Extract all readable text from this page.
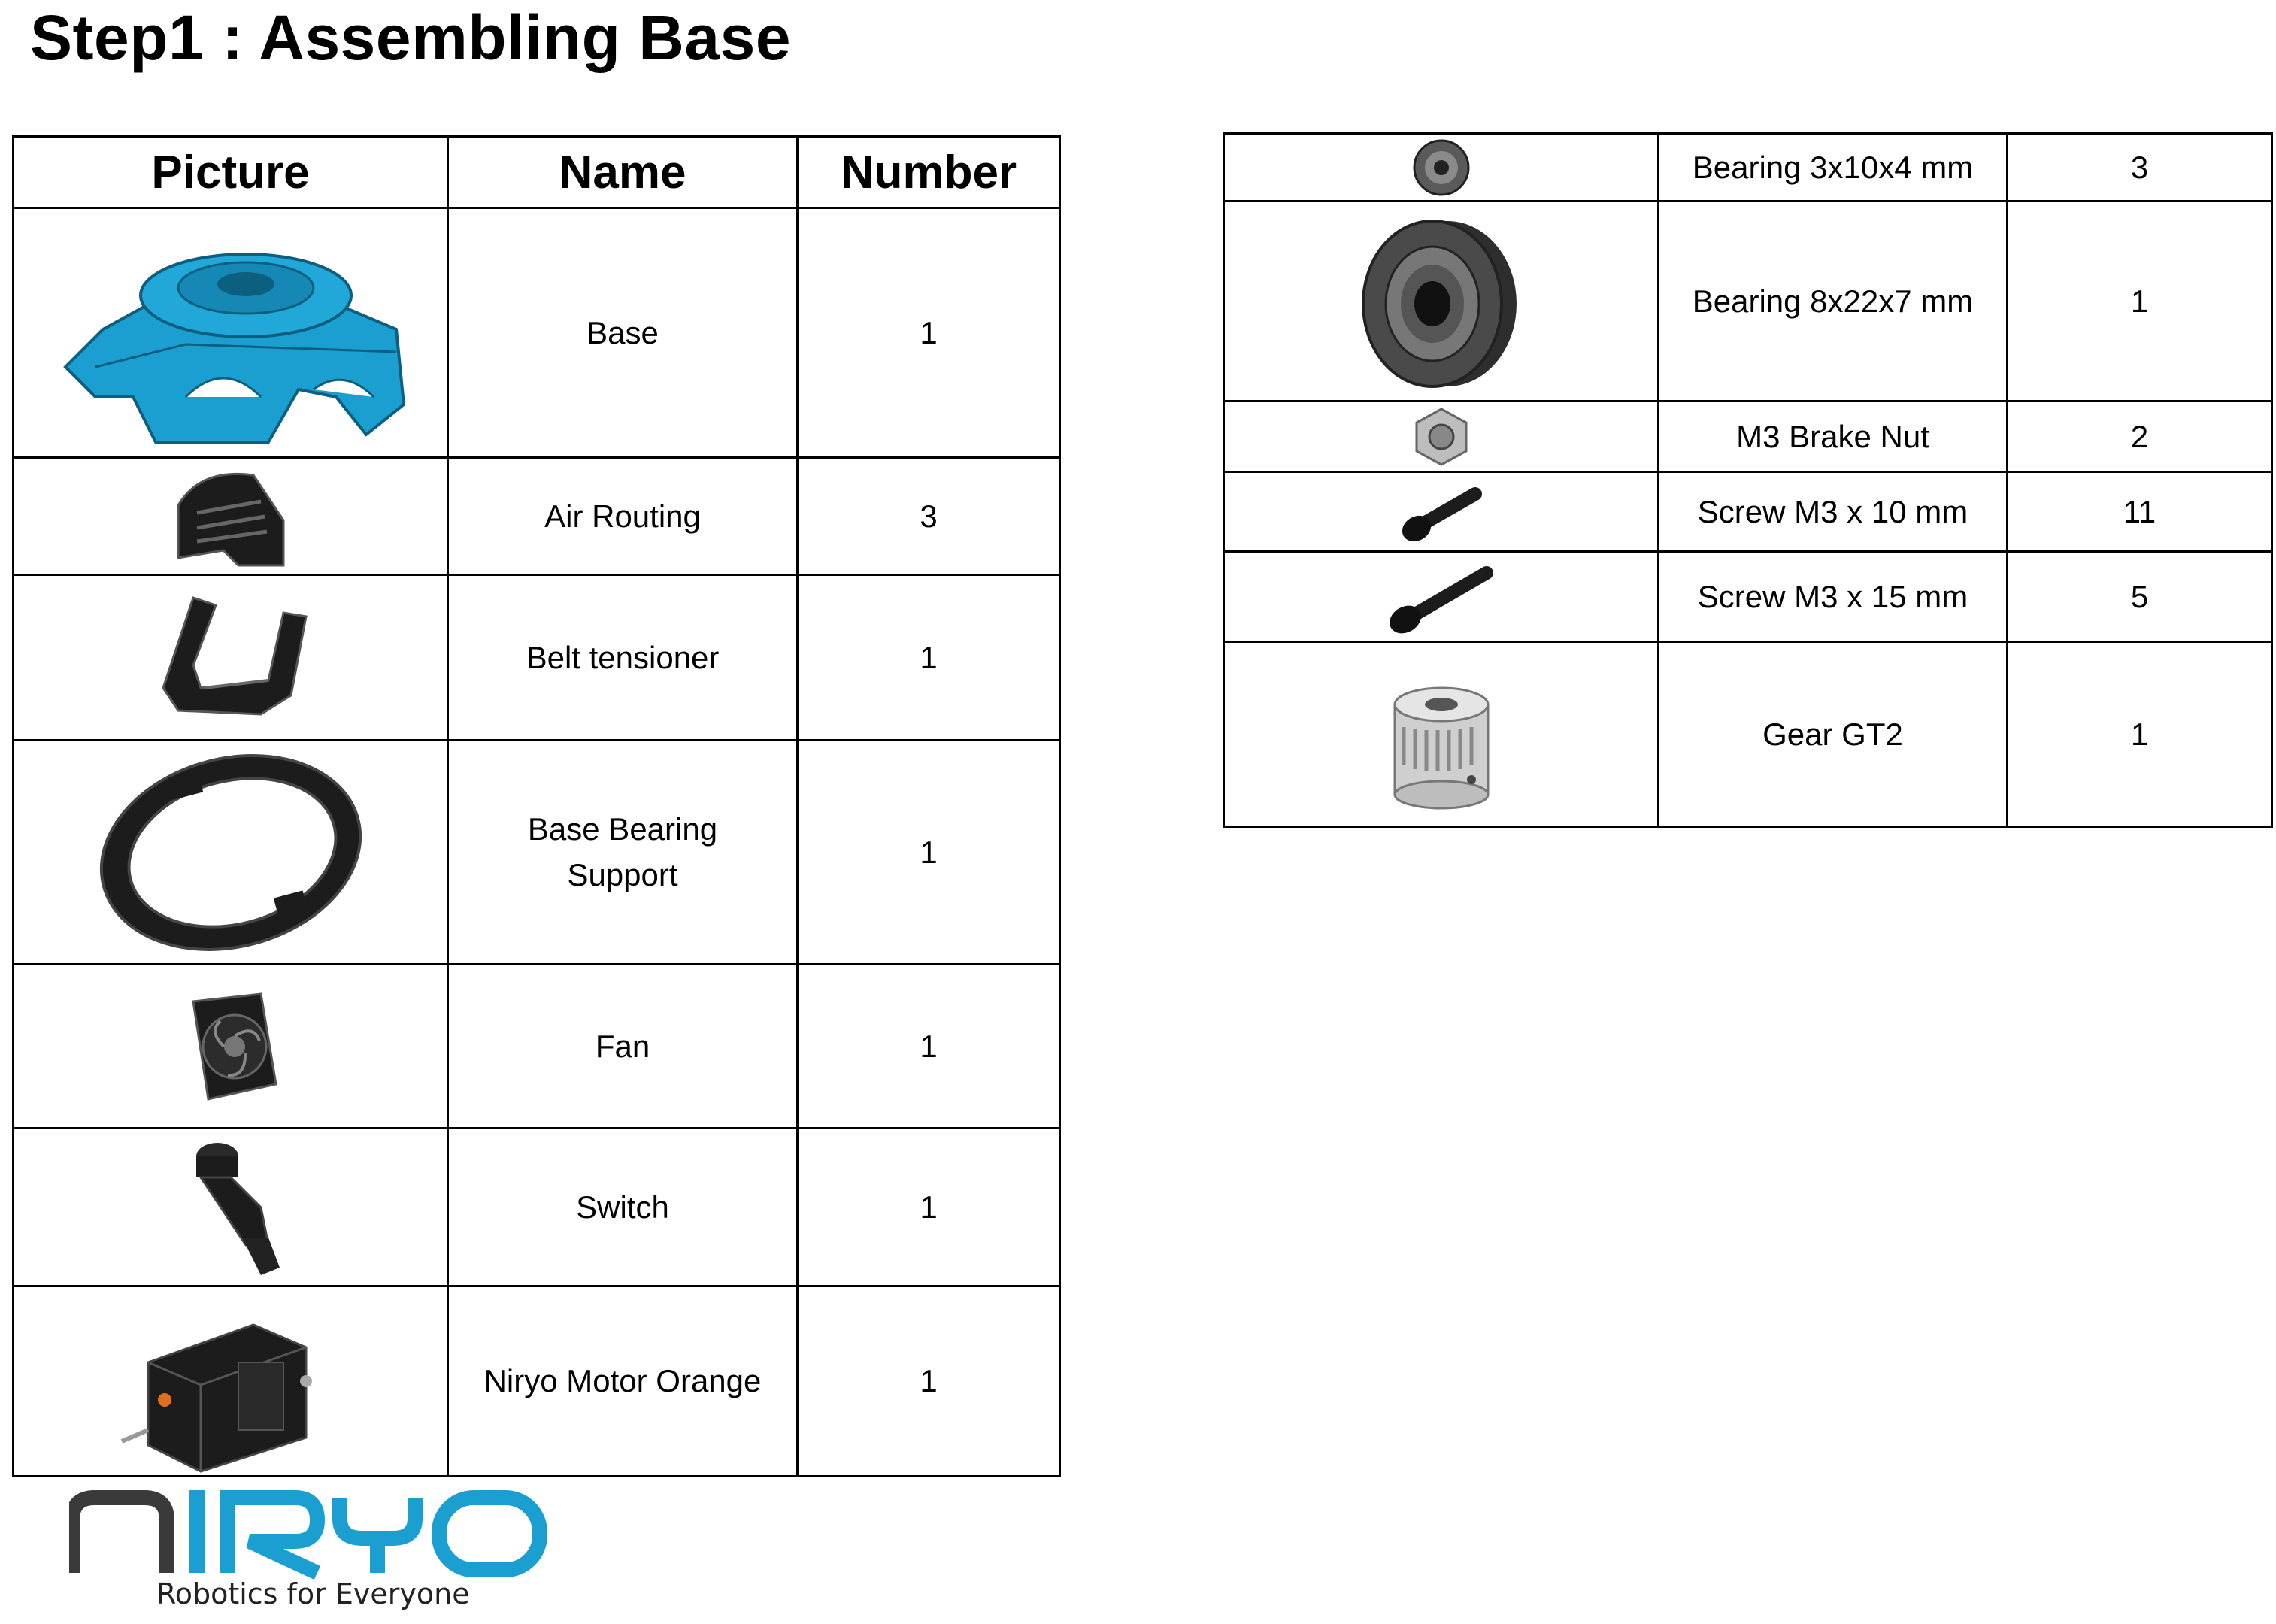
Step1 : Assembling Base
Picture	Name	Number

	Base	1

	Air Routing	3

	Belt tensioner	1

	Base Bearing Support	1

	Fan	1

	Switch	1

	Niryo Motor Orange	1
	Bearing 3x10x4 mm	3

	Bearing 8x22x7 mm	1

	M3 Brake Nut	2

	Screw M3 x 10 mm	11

	Screw M3 x 15 mm	5

	Gear GT2	1
Robotics for Everyone
